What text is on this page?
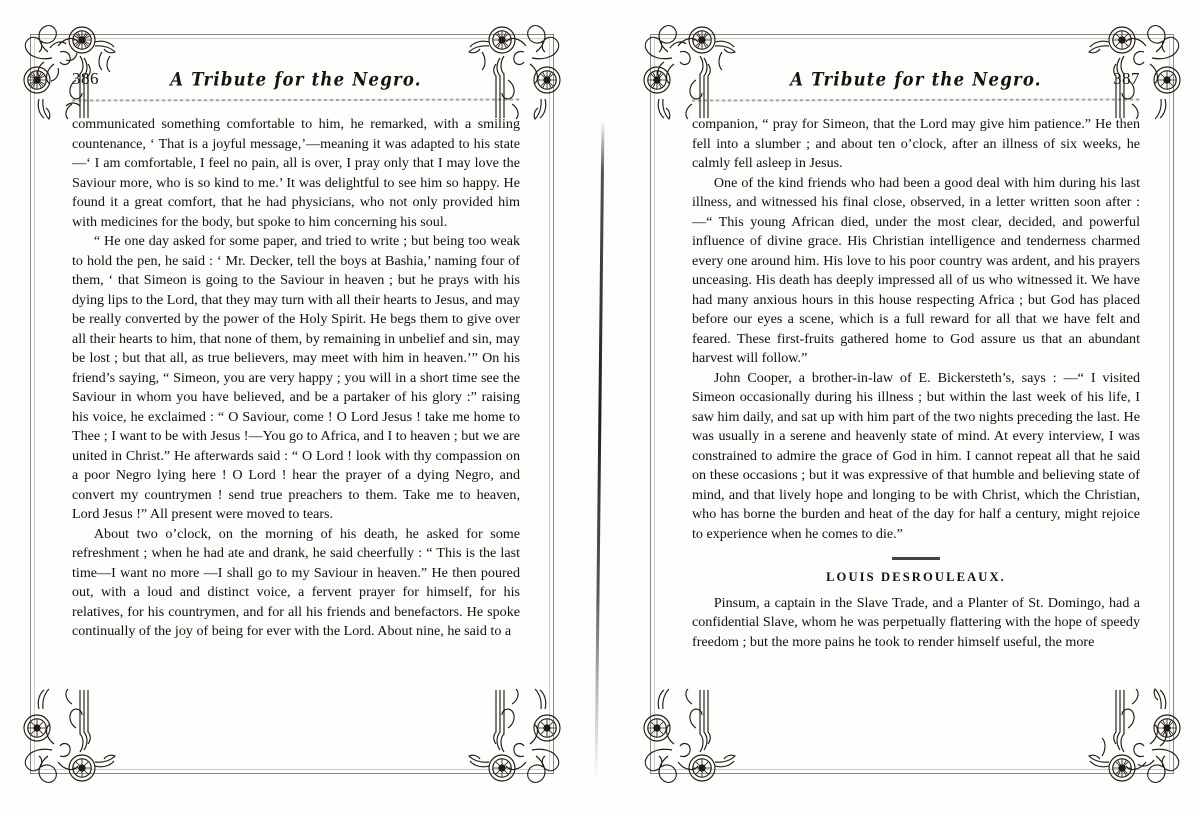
386	A Tribute for the Negro.

communicated something comfortable to him, he remarked, with a smiling countenance, ‘ That is a joyful message,’—meaning it was adapted to his state—‘ I am comfortable, I feel no pain, all is over, I pray only that I may love the Saviour more, who is so kind to me.’ It was delightful to see him so happy. He found it a great comfort, that he had physicians, who not only provided him with medicines for the body, but spoke to him concerning his soul.

“ He one day asked for some paper, and tried to write ; but being too weak to hold the pen, he said : ‘ Mr. Decker, tell the boys at Bashia,’ naming four of them, ‘ that Simeon is going to the Saviour in heaven ; but he prays with his dying lips to the Lord, that they may turn with all their hearts to Jesus, and may be really converted by the power of the Holy Spirit. He begs them to give over all their hearts to him, that none of them, by remaining in unbelief and sin, may be lost ; but that all, as true believers, may meet with him in heaven.’” On his friend’s saying, “ Simeon, you are very happy ; you will in a short time see the Saviour in whom you have believed, and be a partaker of his glory :” raising his voice, he exclaimed : “ O Saviour, come ! O Lord Jesus ! take me home to Thee ; I want to be with Jesus !—You go to Africa, and I to heaven ; but we are united in Christ.” He afterwards said : “ O Lord ! look with thy compassion on a poor Negro lying here ! O Lord ! hear the prayer of a dying Negro, and convert my countrymen ! send true preachers to them. Take me to heaven, Lord Jesus !” All present were moved to tears.

About two o’clock, on the morning of his death, he asked for some refreshment ; when he had ate and drank, he said cheerfully : “ This is the last time—I want no more —I shall go to my Saviour in heaven.” He then poured out, with a loud and distinct voice, a fervent prayer for himself, for his relatives, for his countrymen, and for all his friends and benefactors. He spoke continually of the joy of being for ever with the Lord. About nine, he said to a

A Tribute for the Negro.	387

companion, “ pray for Simeon, that the Lord may give him patience.” He then fell into a slumber ; and about ten o’clock, after an illness of six weeks, he calmly fell asleep in Jesus.

One of the kind friends who had been a good deal with him during his last illness, and witnessed his final close, observed, in a letter written soon after :—“ This young African died, under the most clear, decided, and powerful influence of divine grace. His Christian intelligence and tenderness charmed every one around him. His love to his poor country was ardent, and his prayers unceasing. His death has deeply impressed all of us who witnessed it. We have had many anxious hours in this house respecting Africa ; but God has placed before our eyes a scene, which is a full reward for all that we have felt and feared. These first-fruits gathered home to God assure us that an abundant harvest will follow.”

John Cooper, a brother-in-law of E. Bickersteth’s, says : —“ I visited Simeon occasionally during his illness ; but within the last week of his life, I saw him daily, and sat up with him part of the two nights preceding the last. He was usually in a serene and heavenly state of mind. At every interview, I was constrained to admire the grace of God in him. I cannot repeat all that he said on these occasions ; but it was expressive of that humble and believing state of mind, and that lively hope and longing to be with Christ, which the Christian, who has borne the burden and heat of the day for half a century, might rejoice to experience when he comes to die.”

LOUIS DESROULEAUX.

Pinsum, a captain in the Slave Trade, and a Planter of St. Domingo, had a confidential Slave, whom he was perpetually flattering with the hope of speedy freedom ; but the more pains he took to render himself useful, the more
